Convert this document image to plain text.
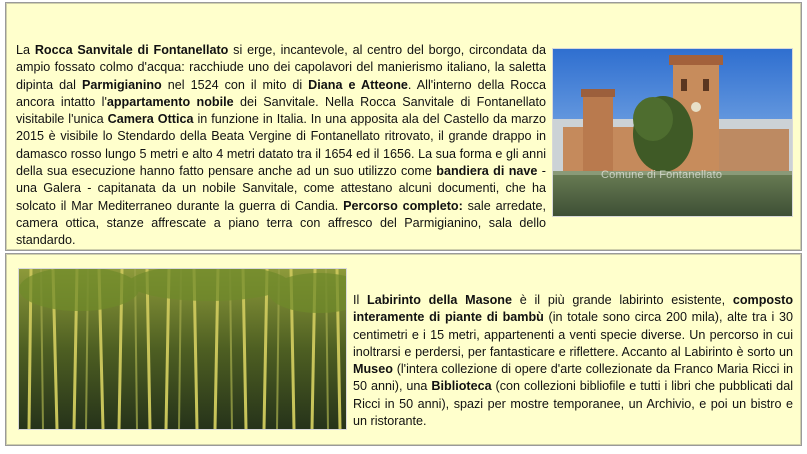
La Rocca Sanvitale di Fontanellato si erge, incantevole, al centro del borgo, circondata da ampio fossato colmo d'acqua: racchiude uno dei capolavori del manierismo italiano, la saletta dipinta dal Parmigianino nel 1524 con il mito di Diana e Atteone. All'interno della Rocca ancora intatto l'appartamento nobile dei Sanvitale. Nella Rocca Sanvitale di Fontanellato visitabile l'unica Camera Ottica in funzione in Italia. In una apposita ala del Castello da marzo 2015 è visibile lo Stendardo della Beata Vergine di Fontanellato ritrovato, il grande drappo in damasco rosso lungo 5 metri e alto 4 metri datato tra il 1654 ed il 1656. La sua forma e gli anni della sua esecuzione hanno fatto pensare anche ad un suo utilizzo come bandiera di nave - una Galera - capitanata da un nobile Sanvitale, come attestano alcuni documenti, che ha solcato il Mar Mediterraneo durante la guerra di Candia. Percorso completo: sale arredate, camera ottica, stanze affrescate a piano terra con affresco del Parmigianino, sala dello standardo.
Comune di Fontanellato
Il Labirinto della Masone è il più grande labirinto esistente, composto interamente di piante di bambù (in totale sono circa 200 mila), alte tra i 30 centimetri e i 15 metri, appartenenti a venti specie diverse. Un percorso in cui inoltrarsi e perdersi, per fantasticare e riflettere. Accanto al Labirinto è sorto un Museo (l'intera collezione di opere d'arte collezionate da Franco Maria Ricci in 50 anni), una Biblioteca (con collezioni bibliofile e tutti i libri che pubblicati dal Ricci in 50 anni), spazi per mostre temporanee, un Archivio, e poi un bistro e un ristorante.
